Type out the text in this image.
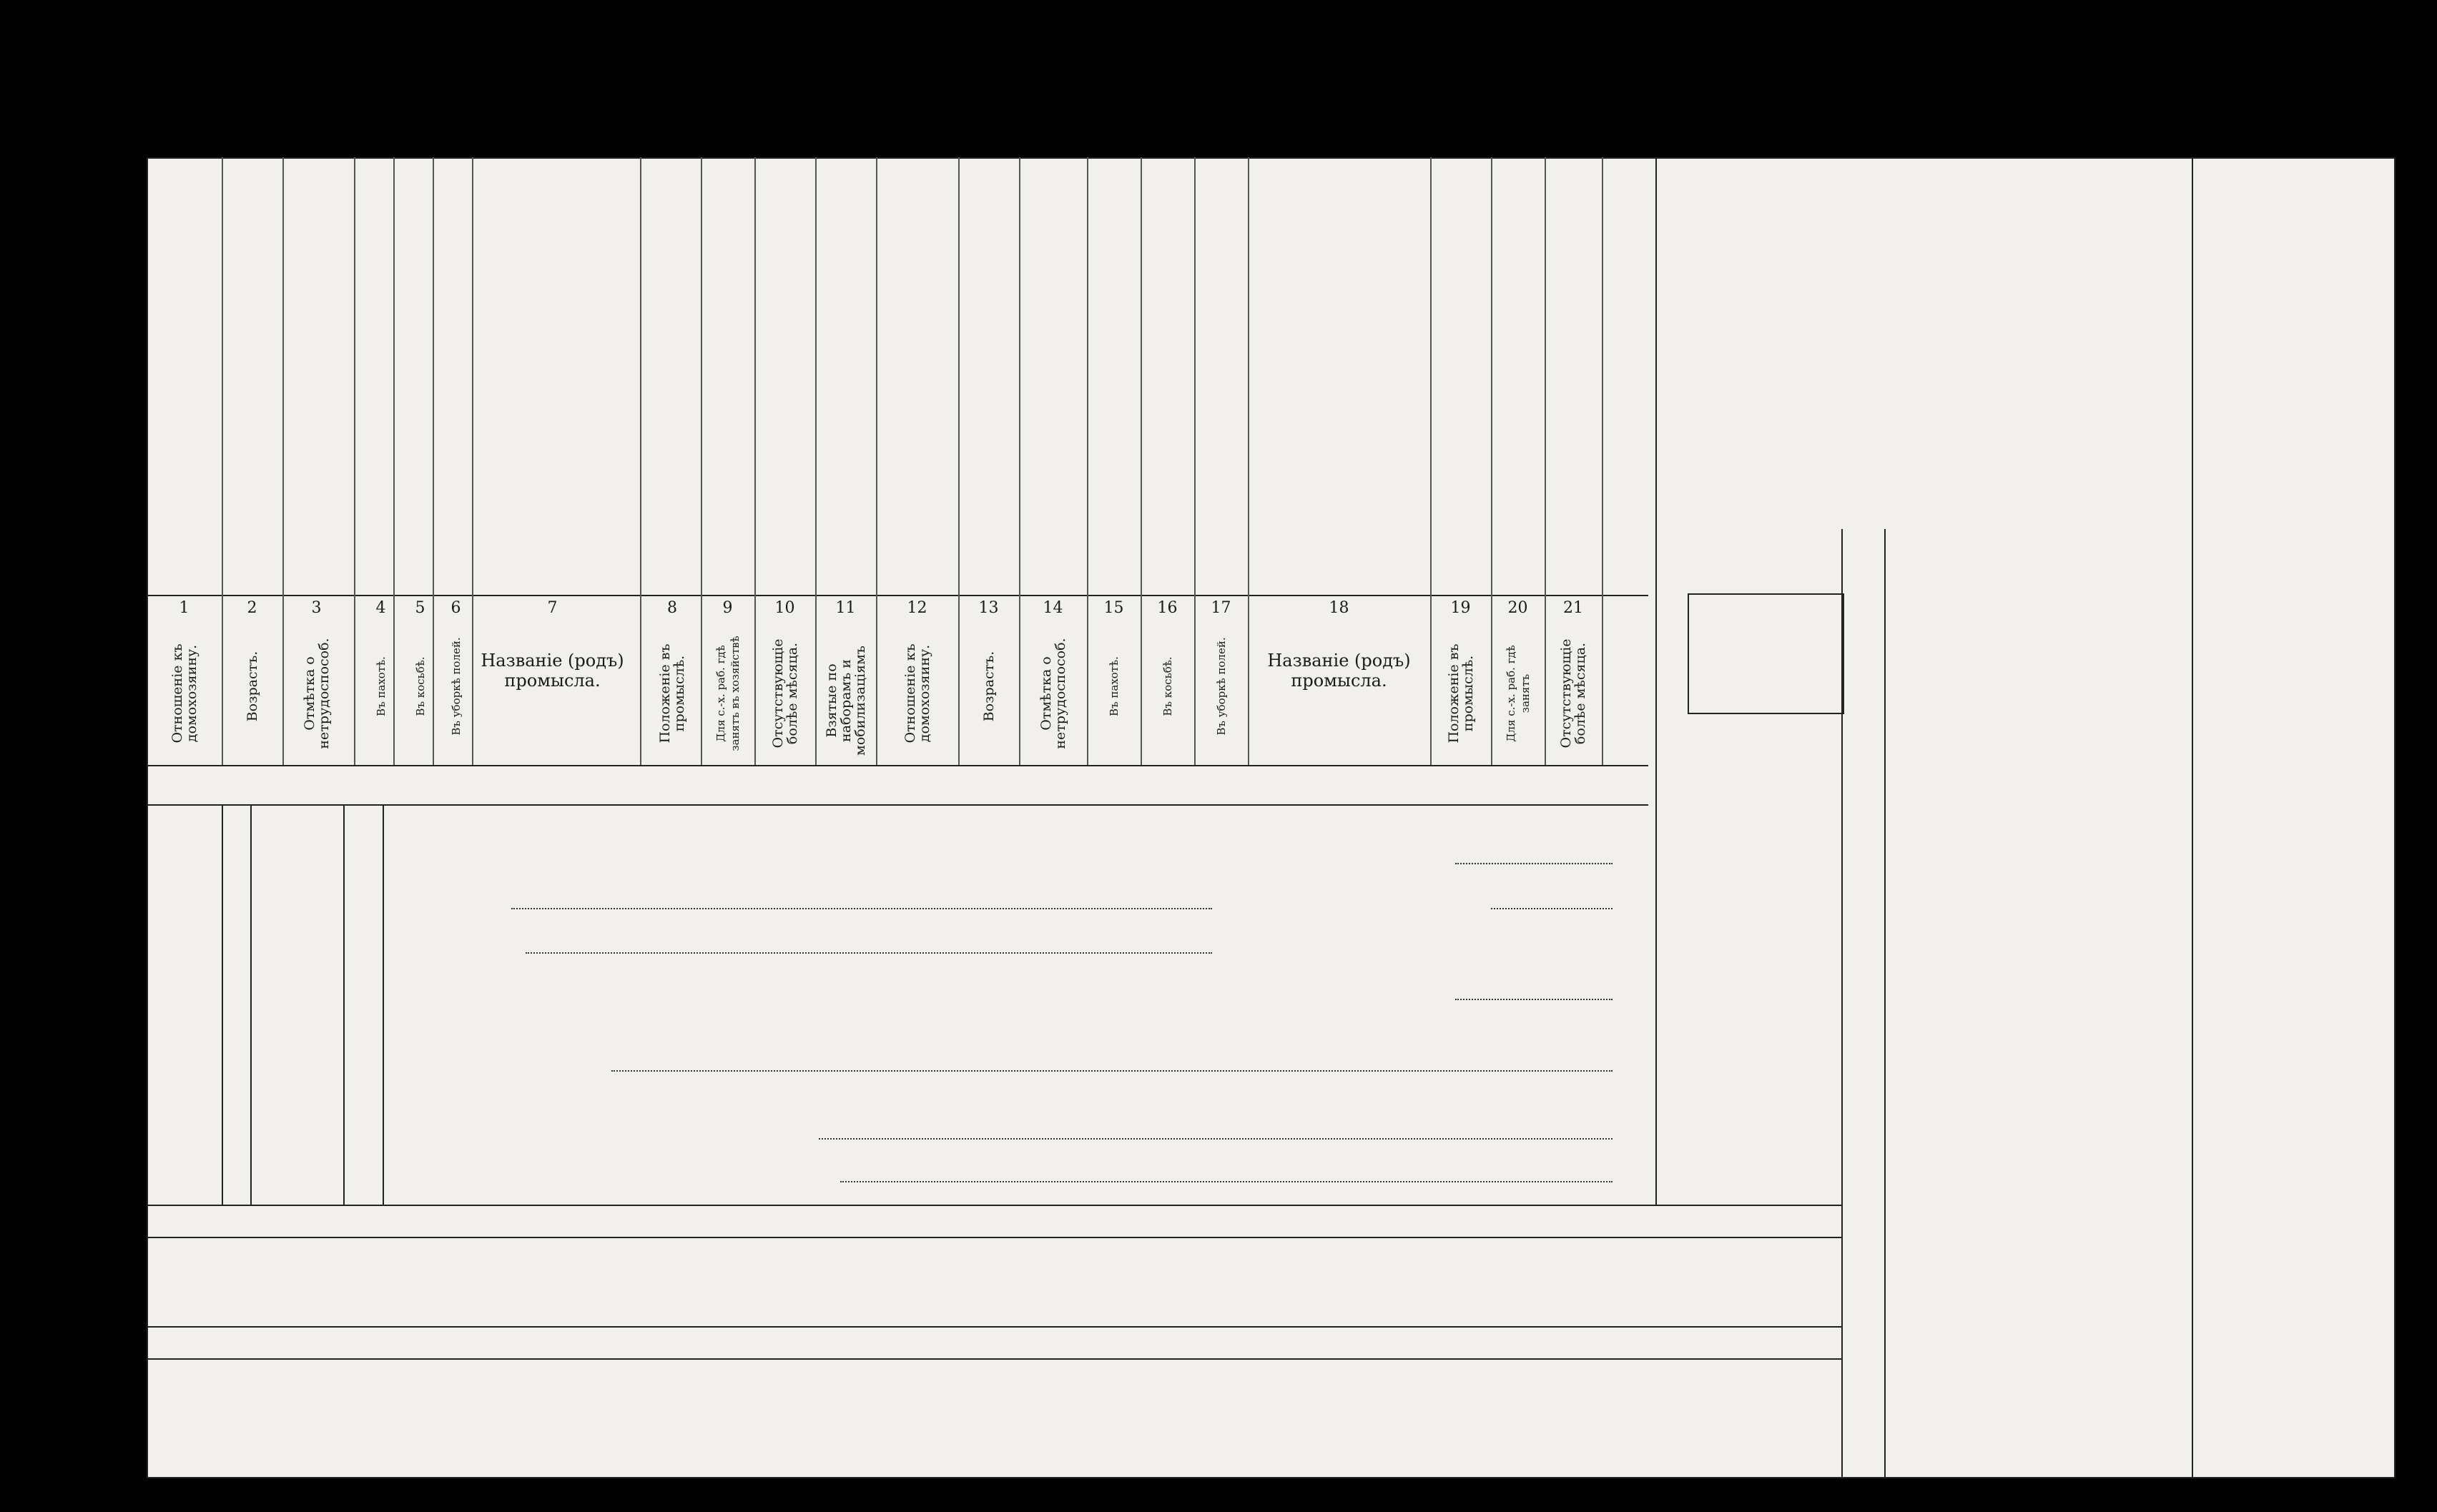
1
Отношеніе къ домохозяину.
2
Возрастъ.
3
Отмѣтка о нетрудоспособ.
4
Въ пахотѣ.
5
Въ косьбѣ.
6
Въ уборкѣ полей.
7
Названіе (родъ) промысла.
8
Положеніе въ промыслѣ.
9
Для с.-х. раб. гдѣ занятъ въ хозяйствѣ
10
Отсутствующіе болѣе мѣсяца.
11
Взятые по наборамъ и мобилизаціямъ
12
Отношеніе къ домохозяину.
13
Возрастъ.
14
Отмѣтка о нетрудоспособ.
15
Въ пахотѣ.
16
Въ косьбѣ.
17
Въ уборкѣ полей.
18
Названіе (родъ) промысла.
19
Положеніе въ промыслѣ.
20
Для с.-х. раб. гдѣ занятъ
21
Отсутствующіе болѣе мѣсяца.
